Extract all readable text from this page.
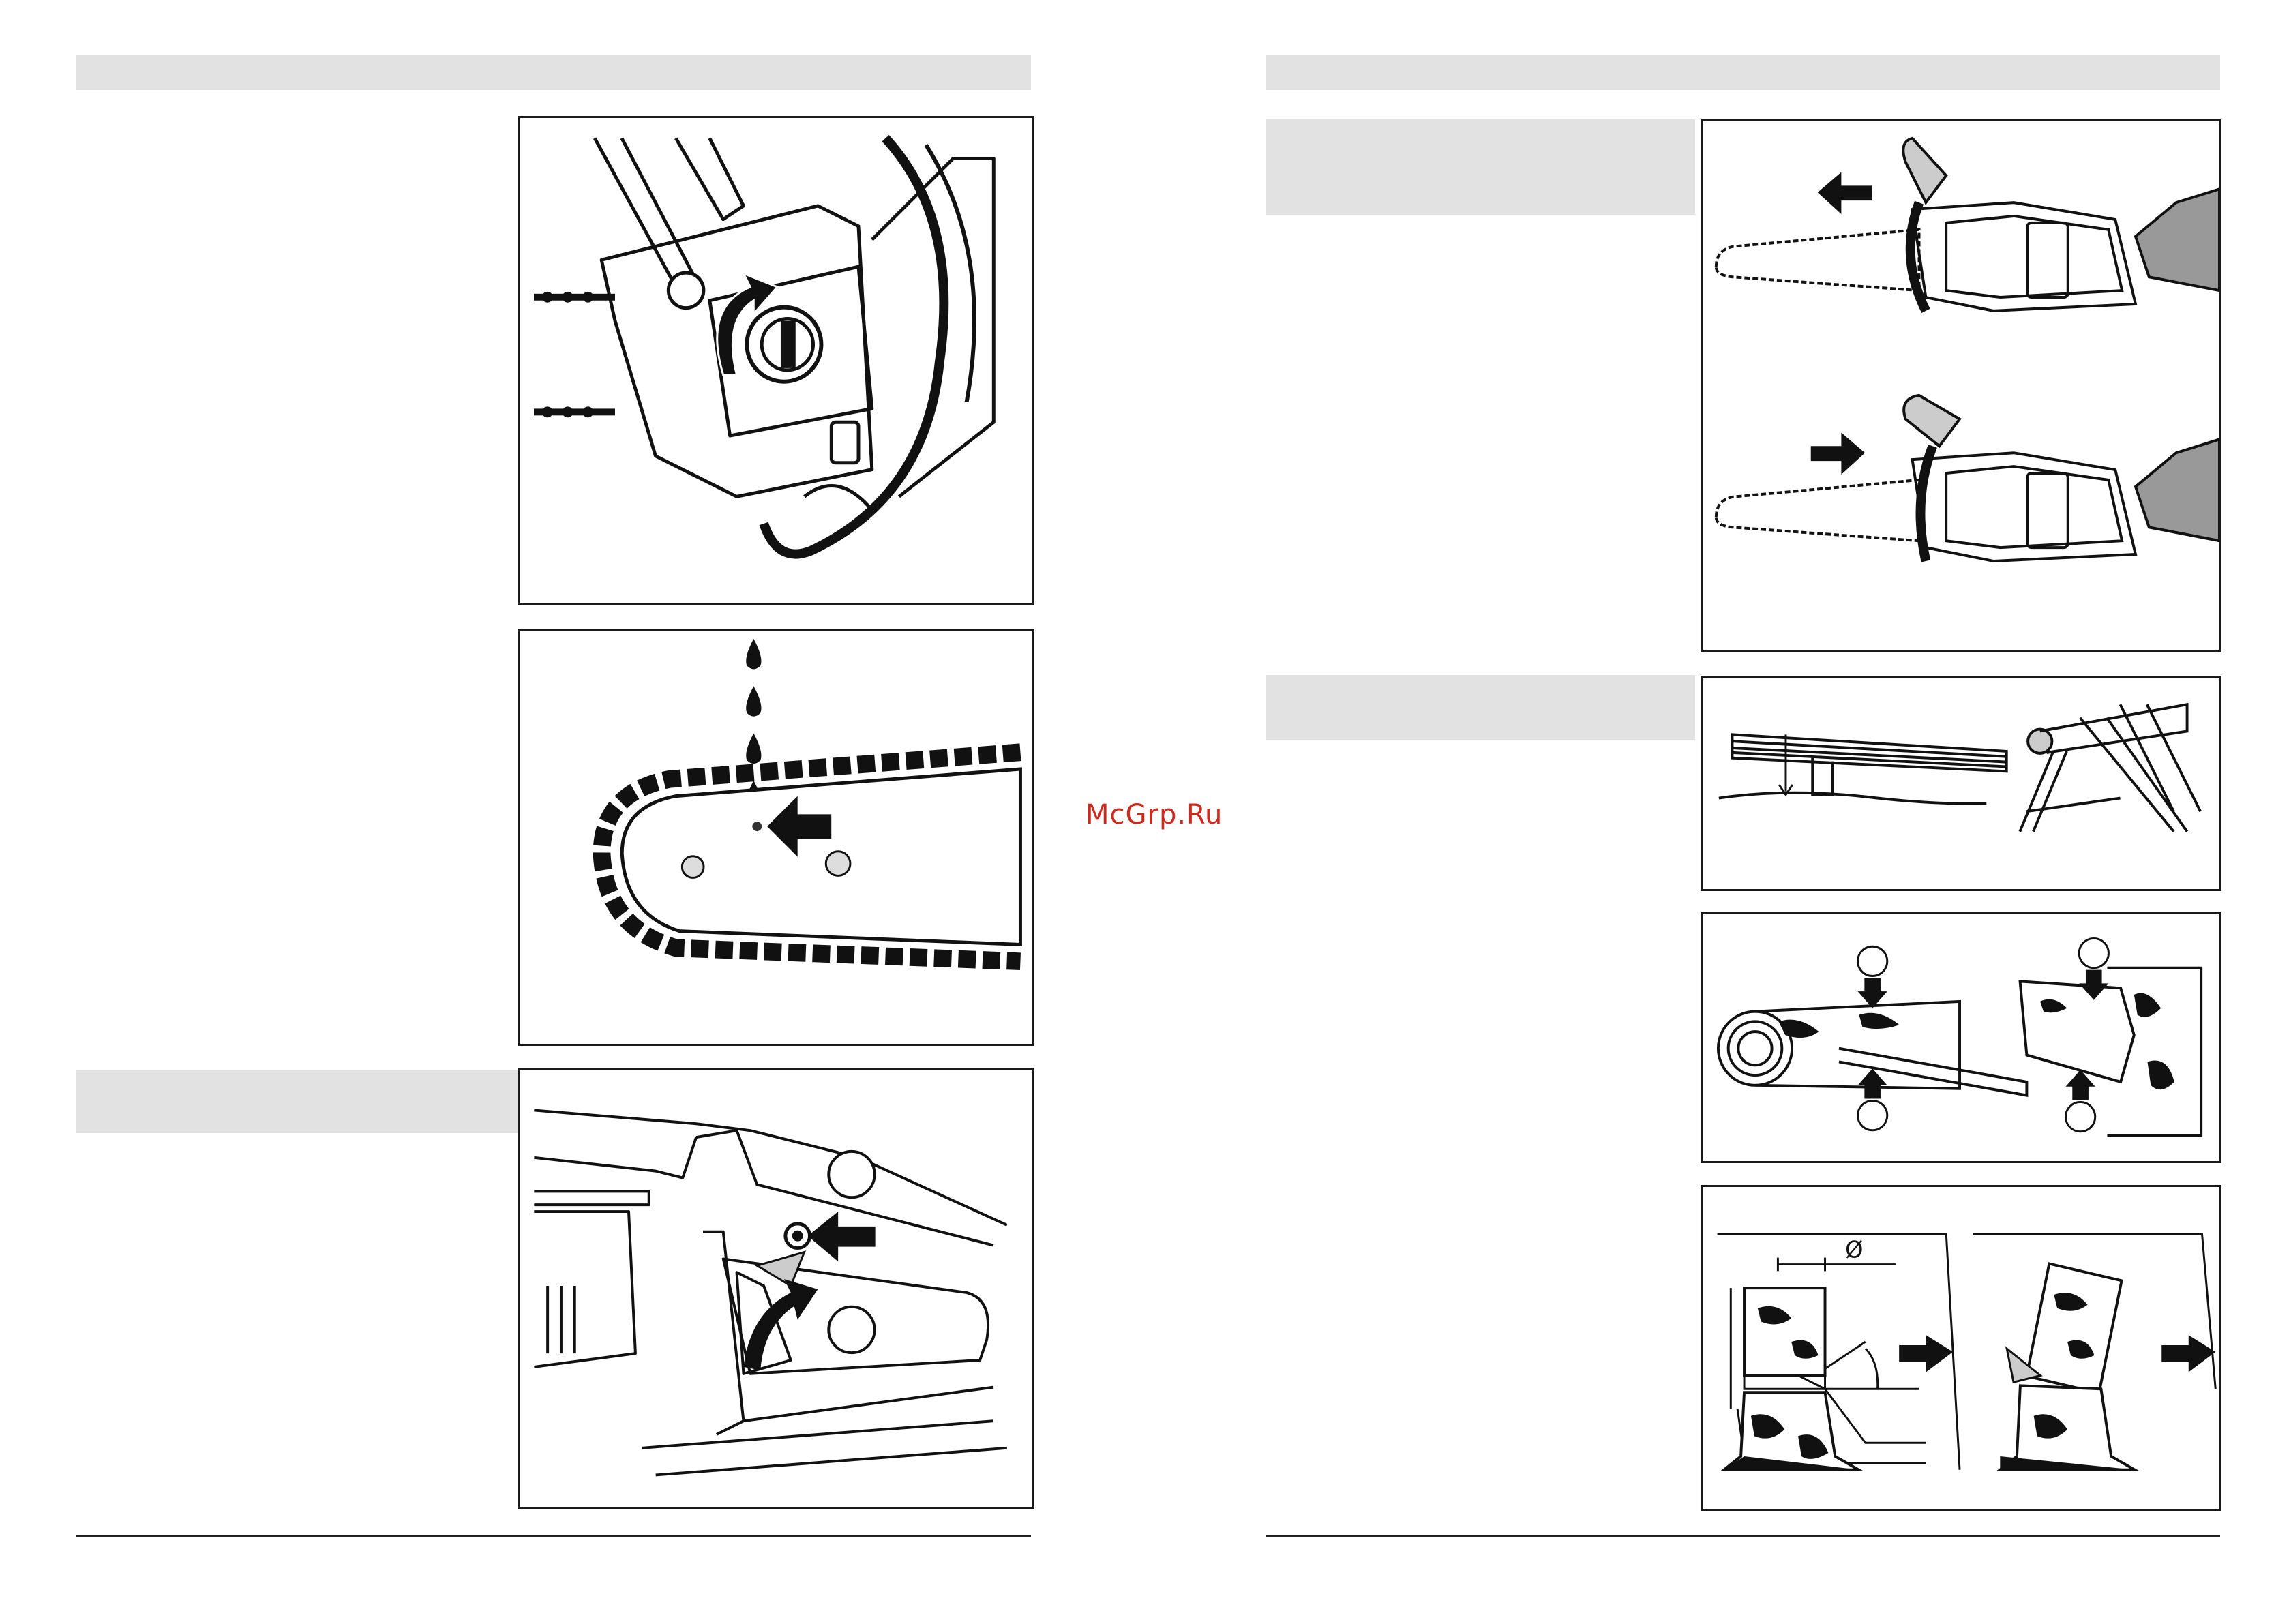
McGrp.Ru
Ø
